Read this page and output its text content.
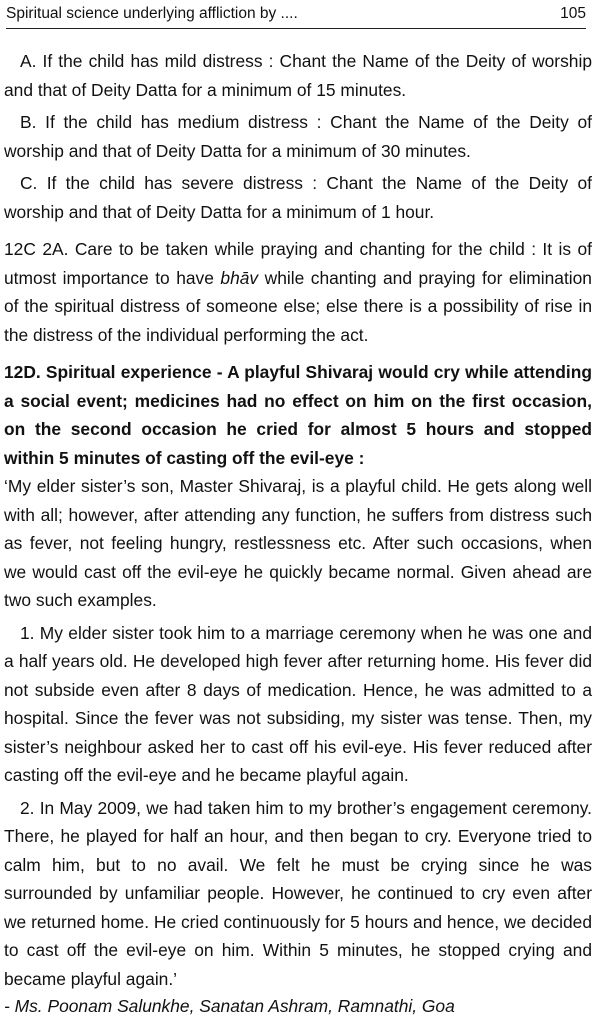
Spiritual science underlying affliction by ....	105

A. If the child has mild distress : Chant the Name of the Deity of worship and that of Deity Datta for a minimum of 15 minutes.

B. If the child has medium distress : Chant the Name of the Deity of worship and that of Deity Datta for a minimum of 30 minutes.

C. If the child has severe distress : Chant the Name of the Deity of worship and that of Deity Datta for a minimum of 1 hour.

12C 2A. Care to be taken while praying and chanting for the child : It is of utmost importance to have bhāv while chanting and praying for elimination of the spiritual distress of someone else; else there is a possibility of rise in the distress of the individual performing the act.

12D. Spiritual experience - A playful Shivaraj would cry while attending a social event; medicines had no effect on him on the first occasion, on the second occasion he cried for almost 5 hours and stopped within 5 minutes of casting off the evil-eye :

‘My elder sister’s son, Master Shivaraj, is a playful child. He gets along well with all; however, after attending any function, he suffers from distress such as fever, not feeling hungry, restlessness etc. After such occasions, when we would cast off the evil-eye he quickly became normal. Given ahead are two such examples.

1. My elder sister took him to a marriage ceremony when he was one and a half years old. He developed high fever after returning home. His fever did not subside even after 8 days of medication. Hence, he was admitted to a hospital. Since the fever was not subsiding, my sister was tense. Then, my sister’s neighbour asked her to cast off his evil-eye. His fever reduced after casting off the evil-eye and he became playful again.

2. In May 2009, we had taken him to my brother’s engagement ceremony. There, he played for half an hour, and then began to cry. Everyone tried to calm him, but to no avail. We felt he must be crying since he was surrounded by unfamiliar people. However, he continued to cry even after we returned home. He cried continuously for 5 hours and hence, we decided to cast off the evil-eye on him. Within 5 minutes, he stopped crying and became playful again.’

- Ms. Poonam Salunkhe, Sanatan Ashram, Ramnathi, Goa
